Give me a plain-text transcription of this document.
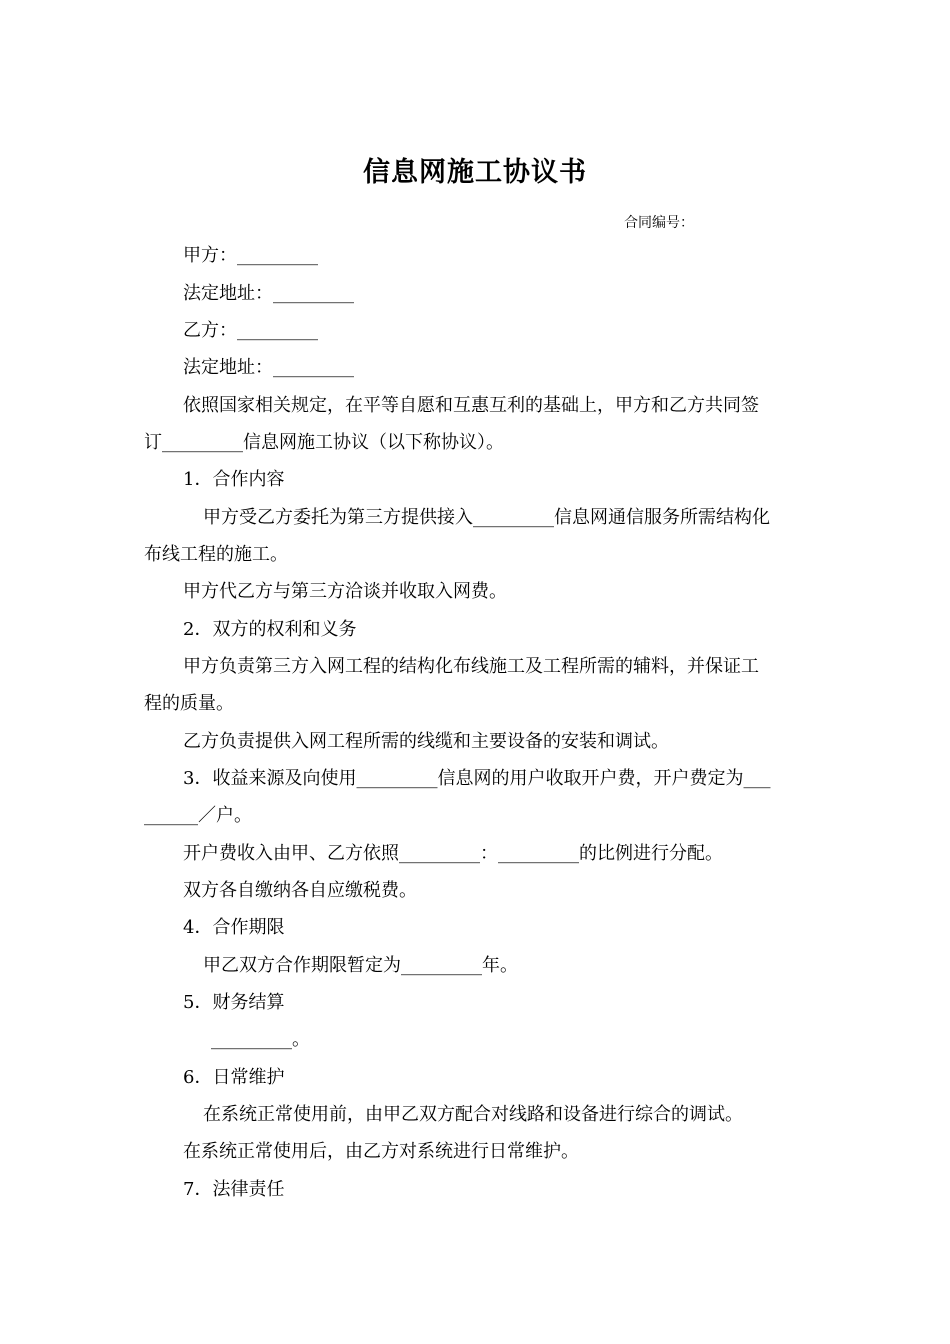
信息网施工协议书
合同编号：
甲方：_________
法定地址：_________
乙方：_________
法定地址：_________
依照国家相关规定，在平等自愿和互惠互利的基础上，甲方和乙方共同签
订_________信息网施工协议（以下称协议）。
1．合作内容
甲方受乙方委托为第三方提供接入_________信息网通信服务所需结构化
布线工程的施工。
甲方代乙方与第三方洽谈并收取入网费。
2．双方的权利和义务
甲方负责第三方入网工程的结构化布线施工及工程所需的辅料，并保证工
程的质量。
乙方负责提供入网工程所需的线缆和主要设备的安装和调试。
3．收益来源及向使用_________信息网的用户收取开户费，开户费定为___
______／户。
开户费收入由甲、乙方依照_________：_________的比例进行分配。
双方各自缴纳各自应缴税费。
4．合作期限
甲乙双方合作期限暂定为_________年。
5．财务结算
_________。
6．日常维护
在系统正常使用前，由甲乙双方配合对线路和设备进行综合的调试。
在系统正常使用后，由乙方对系统进行日常维护。
7．法律责任
